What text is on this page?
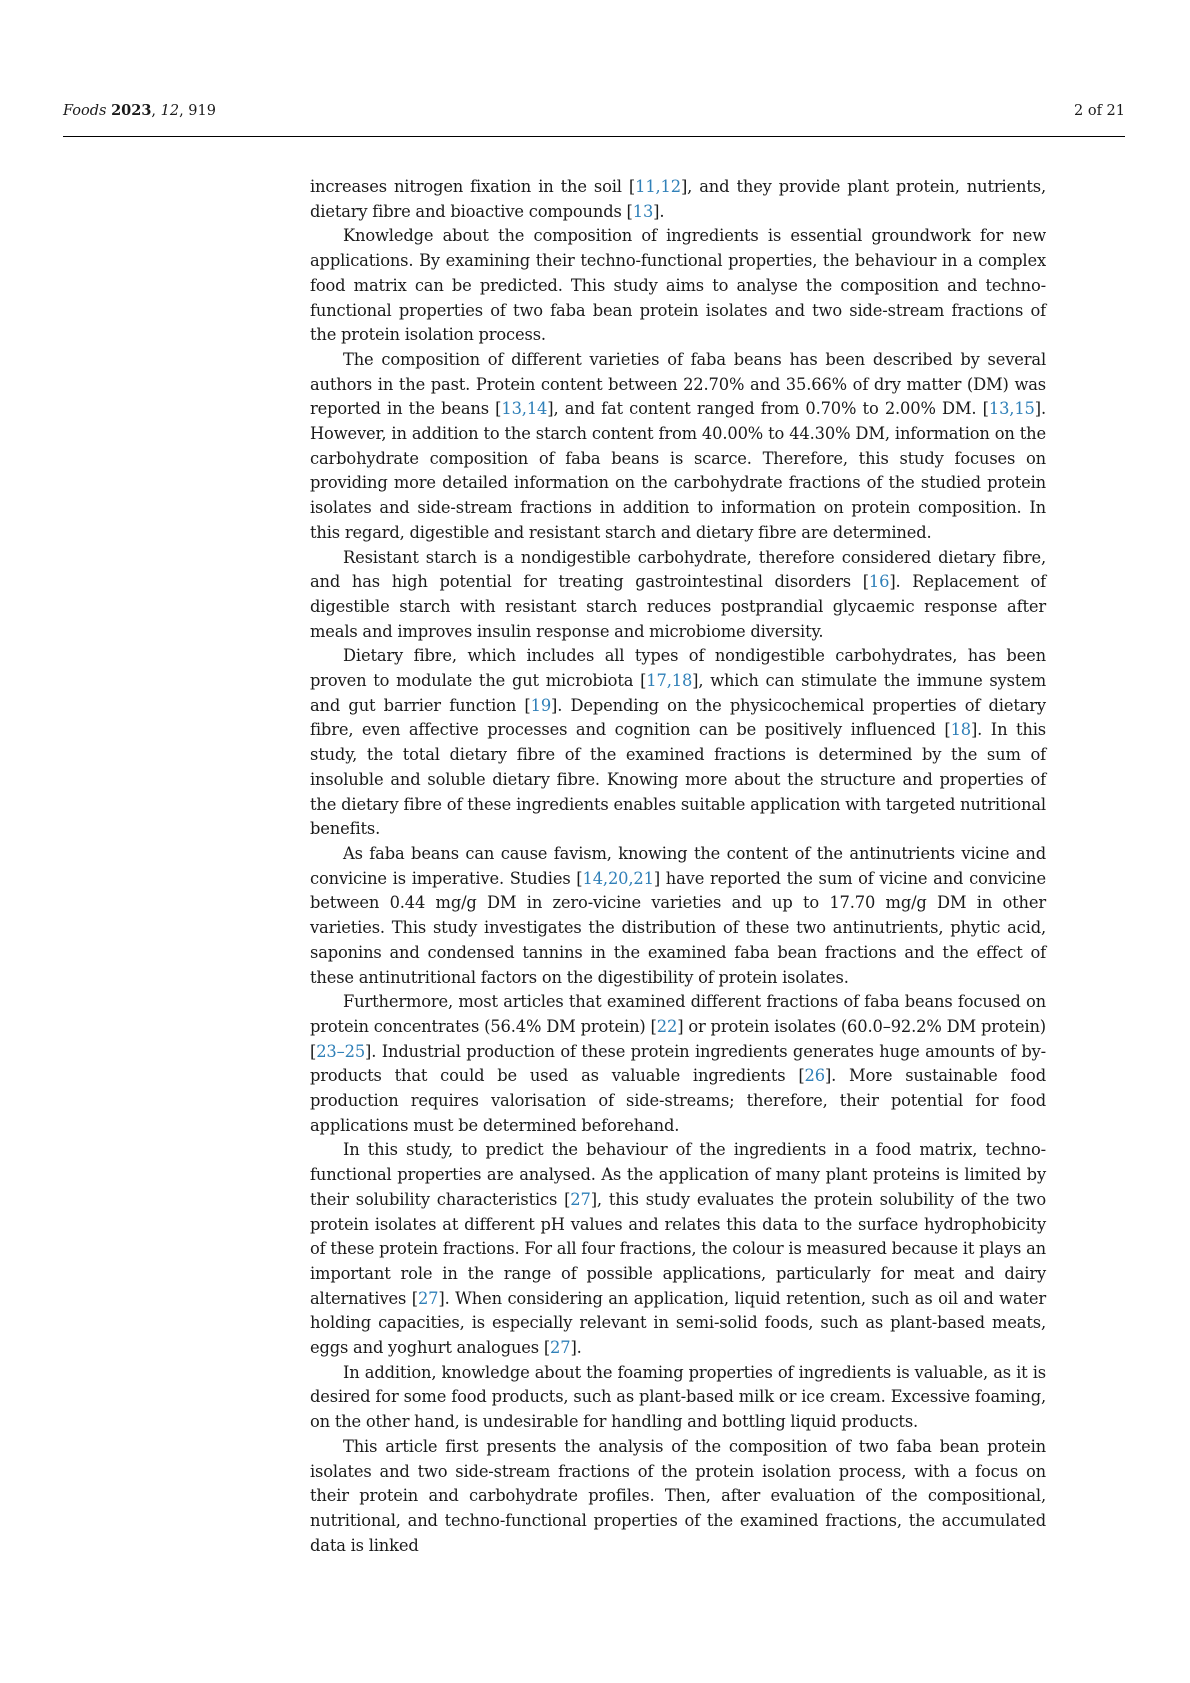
Foods 2023, 12, 919	2 of 21

increases nitrogen fixation in the soil [11,12], and they provide plant protein, nutrients, dietary fibre and bioactive compounds [13].

Knowledge about the composition of ingredients is essential groundwork for new applications. By examining their techno-functional properties, the behaviour in a complex food matrix can be predicted. This study aims to analyse the composition and techno-functional properties of two faba bean protein isolates and two side-stream fractions of the protein isolation process.

The composition of different varieties of faba beans has been described by several authors in the past. Protein content between 22.70% and 35.66% of dry matter (DM) was reported in the beans [13,14], and fat content ranged from 0.70% to 2.00% DM. [13,15]. However, in addition to the starch content from 40.00% to 44.30% DM, information on the carbohydrate composition of faba beans is scarce. Therefore, this study focuses on providing more detailed information on the carbohydrate fractions of the studied protein isolates and side-stream fractions in addition to information on protein composition. In this regard, digestible and resistant starch and dietary fibre are determined.

Resistant starch is a nondigestible carbohydrate, therefore considered dietary fibre, and has high potential for treating gastrointestinal disorders [16]. Replacement of digestible starch with resistant starch reduces postprandial glycaemic response after meals and improves insulin response and microbiome diversity.

Dietary fibre, which includes all types of nondigestible carbohydrates, has been proven to modulate the gut microbiota [17,18], which can stimulate the immune system and gut barrier function [19]. Depending on the physicochemical properties of dietary fibre, even affective processes and cognition can be positively influenced [18]. In this study, the total dietary fibre of the examined fractions is determined by the sum of insoluble and soluble dietary fibre. Knowing more about the structure and properties of the dietary fibre of these ingredients enables suitable application with targeted nutritional benefits.

As faba beans can cause favism, knowing the content of the antinutrients vicine and convicine is imperative. Studies [14,20,21] have reported the sum of vicine and convicine between 0.44 mg/g DM in zero-vicine varieties and up to 17.70 mg/g DM in other varieties. This study investigates the distribution of these two antinutrients, phytic acid, saponins and condensed tannins in the examined faba bean fractions and the effect of these antinutritional factors on the digestibility of protein isolates.

Furthermore, most articles that examined different fractions of faba beans focused on protein concentrates (56.4% DM protein) [22] or protein isolates (60.0–92.2% DM protein) [23–25]. Industrial production of these protein ingredients generates huge amounts of by-products that could be used as valuable ingredients [26]. More sustainable food production requires valorisation of side-streams; therefore, their potential for food applications must be determined beforehand.

In this study, to predict the behaviour of the ingredients in a food matrix, techno-functional properties are analysed. As the application of many plant proteins is limited by their solubility characteristics [27], this study evaluates the protein solubility of the two protein isolates at different pH values and relates this data to the surface hydrophobicity of these protein fractions. For all four fractions, the colour is measured because it plays an important role in the range of possible applications, particularly for meat and dairy alternatives [27]. When considering an application, liquid retention, such as oil and water holding capacities, is especially relevant in semi-solid foods, such as plant-based meats, eggs and yoghurt analogues [27].

In addition, knowledge about the foaming properties of ingredients is valuable, as it is desired for some food products, such as plant-based milk or ice cream. Excessive foaming, on the other hand, is undesirable for handling and bottling liquid products.

This article first presents the analysis of the composition of two faba bean protein isolates and two side-stream fractions of the protein isolation process, with a focus on their protein and carbohydrate profiles. Then, after evaluation of the compositional, nutritional, and techno-functional properties of the examined fractions, the accumulated data is linked
